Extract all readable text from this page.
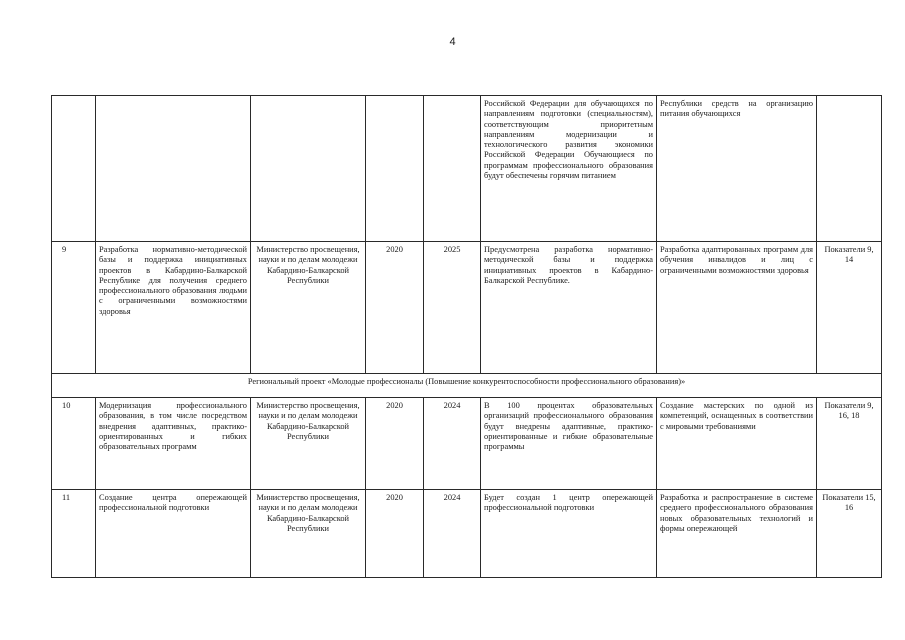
4
					Российской Федерации для обучающихся по направлениям подготовки (специальностям), соответствующим приоритетным направлениям модернизации и технологического развития экономики Российской Федерации Обучающиеся по программам профессионального образования будут обеспечены горячим питанием	Республики средств на организацию питания обучающихся	
9	Разработка нормативно-методической базы и поддержка инициативных проектов в Кабардино-Балкарской Республике для получения среднего профессионального образования людьми с ограниченными возможностями здоровья	Министерство просвещения, науки и по делам молодежи Кабардино-Балкарской Республики	2020	2025	Предусмотрена разработка нормативно-методической базы и поддержка инициативных проектов в Кабардино-Балкарской Республике.	Разработка адаптированных программ для обучения инвалидов и лиц с ограниченными возможностями здоровья	Показатели 9, 14
Региональный проект «Молодые профессионалы (Повышение конкурентоспособности профессионального образования)»							
10	Модернизация профессионального образования, в том числе посредством внедрения адаптивных, практико-ориентированных и гибких образовательных программ	Министерство просвещения, науки и по делам молодежи Кабардино-Балкарской Республики	2020	2024	В 100 процентах образовательных организаций профессионального образования будут внедрены адаптивные, практико-ориентированные и гибкие образовательные программы	Создание мастерских по одной из компетенций, оснащенных в соответствии с мировыми требованиями	Показатели 9, 16, 18
11	Создание центра опережающей профессиональной подготовки	Министерство просвещения, науки и по делам молодежи Кабардино-Балкарской Республики	2020	2024	Будет создан 1 центр опережающей профессиональной подготовки	Разработка и распространение в системе среднего профессионального образования новых образовательных технологий и формы опережающей	Показатели 15, 16
